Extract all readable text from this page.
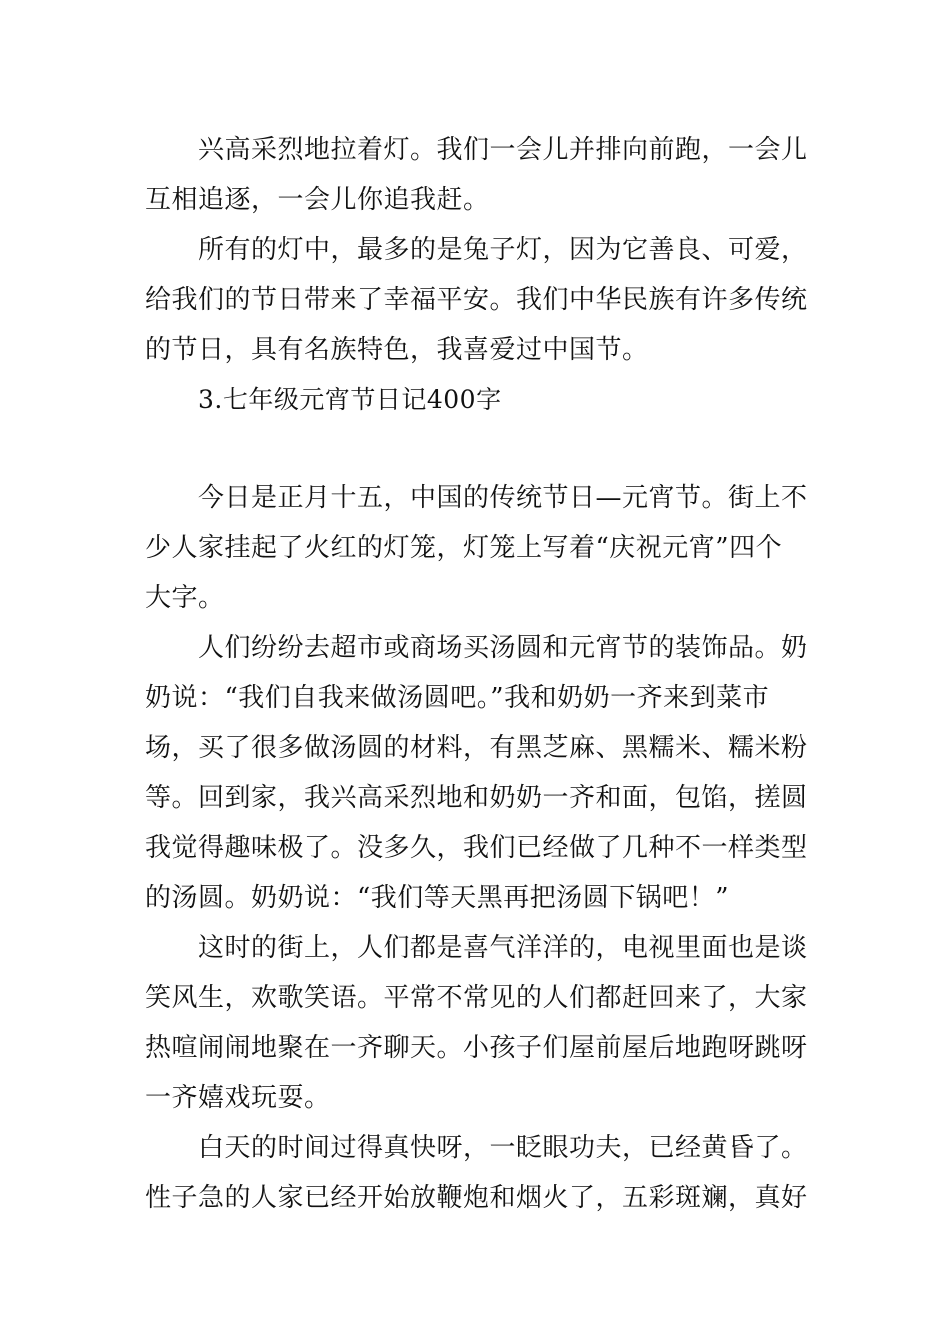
兴高采烈地拉着灯。我们一会儿并排向前跑，一会儿
互相追逐，一会儿你追我赶。
所有的灯中，最多的是兔子灯，因为它善良、可爱，
给我们的节日带来了幸福平安。我们中华民族有许多传统
的节日，具有名族特色，我喜爱过中国节。
3.七年级元宵节日记400字
今日是正月十五，中国的传统节日—元宵节。街上不
少人家挂起了火红的灯笼，灯笼上写着“庆祝元宵”四个
大字。
人们纷纷去超市或商场买汤圆和元宵节的装饰品。奶
奶说：“我们自我来做汤圆吧。”我和奶奶一齐来到菜市
场，买了很多做汤圆的材料，有黑芝麻、黑糯米、糯米粉
等。回到家，我兴高采烈地和奶奶一齐和面，包馅，搓圆
我觉得趣味极了。没多久，我们已经做了几种不一样类型
的汤圆。奶奶说：“我们等天黑再把汤圆下锅吧！”
这时的街上，人们都是喜气洋洋的，电视里面也是谈
笑风生，欢歌笑语。平常不常见的人们都赶回来了，大家
热喧闹闹地聚在一齐聊天。小孩子们屋前屋后地跑呀跳呀
一齐嬉戏玩耍。
白天的时间过得真快呀，一眨眼功夫，已经黄昏了。
性子急的人家已经开始放鞭炮和烟火了，五彩斑斓，真好
